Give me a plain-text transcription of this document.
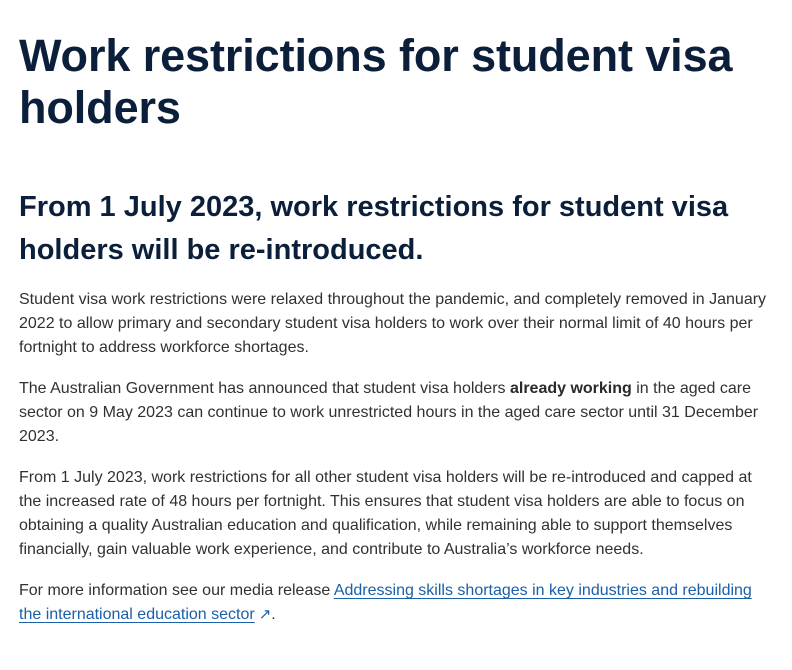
Work restrictions for student visa holders
From 1 July 2023, work restrictions for student visa holders will be re-introduced.

Student visa work restrictions were relaxed throughout the pandemic, and completely removed in January 2022 to allow primary and secondary student visa holders to work over their normal limit of 40 hours per fortnight to address workforce shortages.

The Australian Government has announced that student visa holders already working in the aged care sector on 9 May 2023 can continue to work unrestricted hours in the aged care sector until 31 December 2023.

From 1 July 2023, work restrictions for all other student visa holders will be re-introduced and capped at the increased rate of 48 hours per fortnight. This ensures that student visa holders are able to focus on obtaining a quality Australian education and qualification, while remaining able to support themselves financially, gain valuable work experience, and contribute to Australia’s workforce needs.

For more information see our media release Addressing skills shortages in key industries and rebuilding the international education sector ↗.
